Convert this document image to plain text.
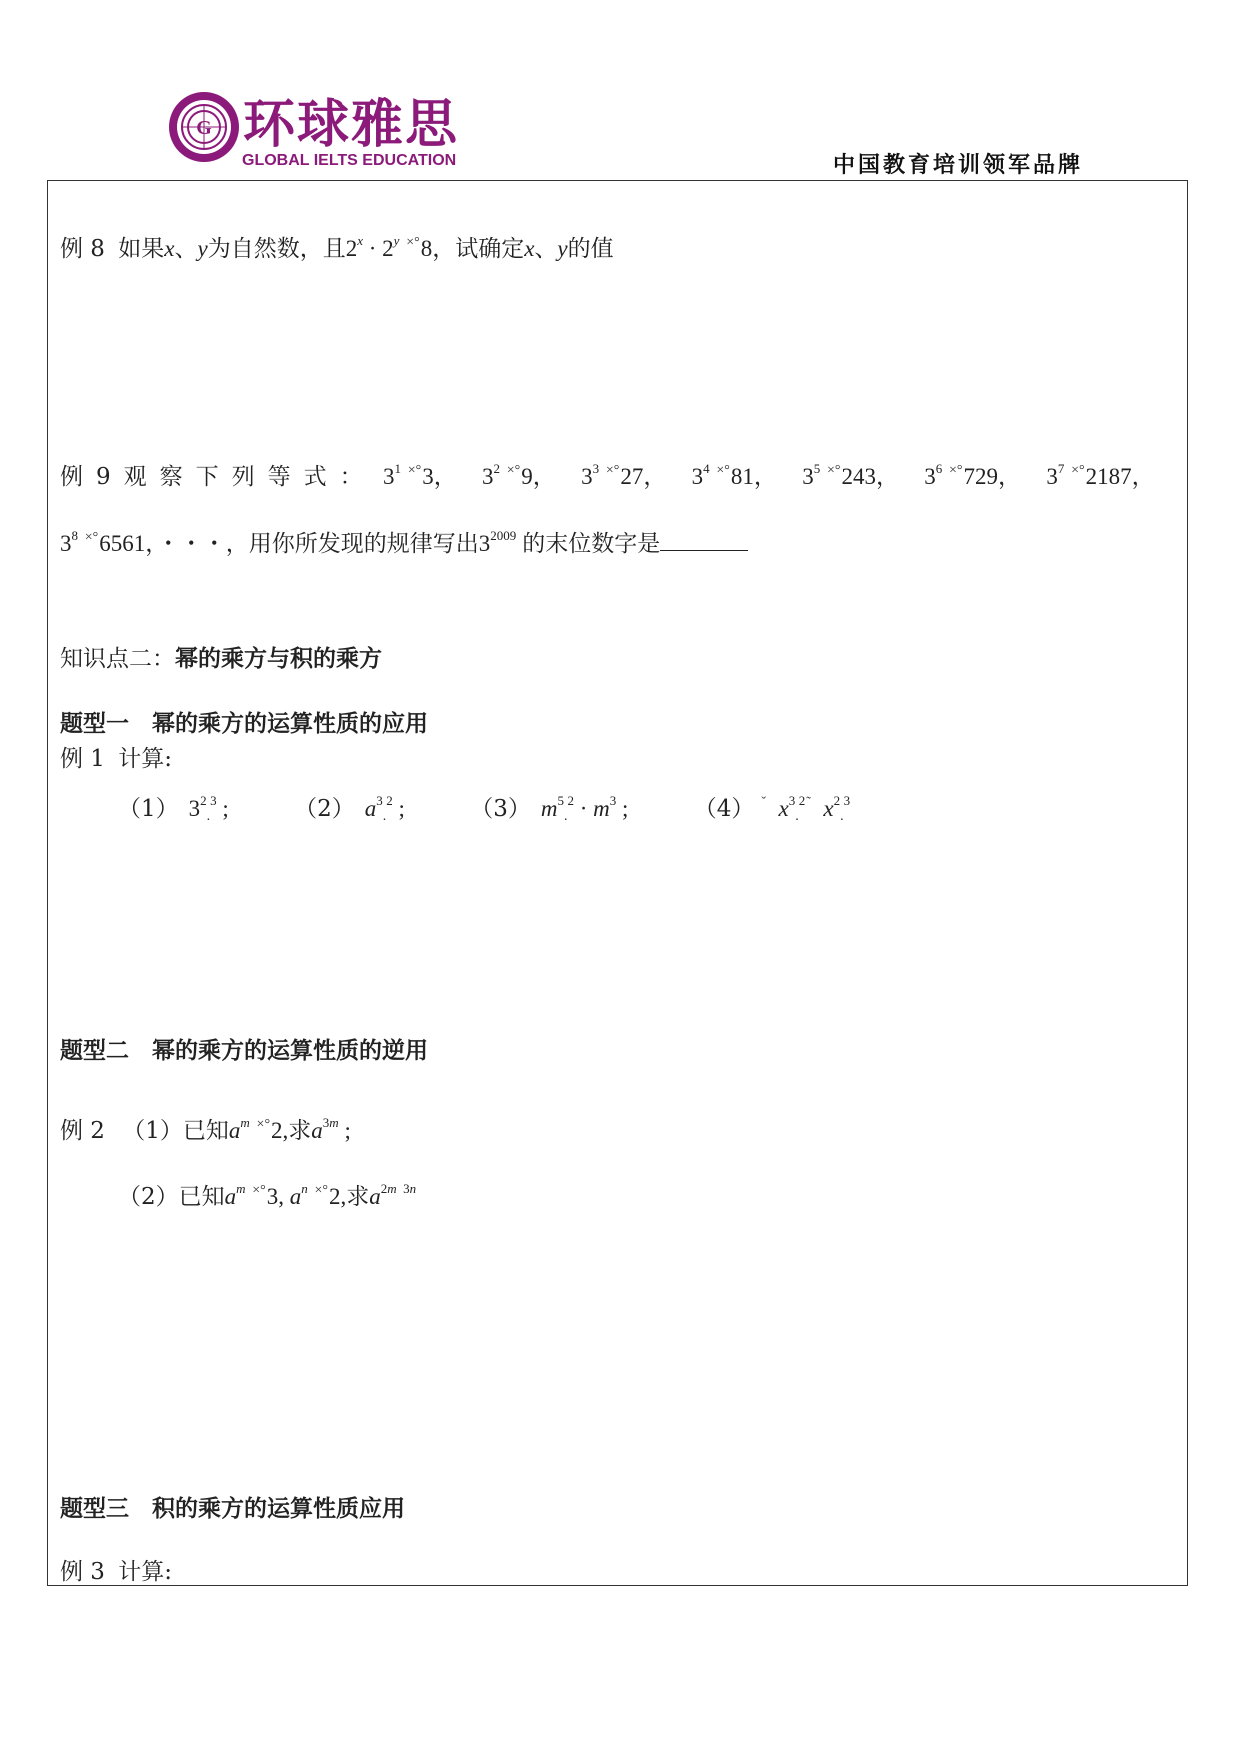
G 环球雅思
GLOBAL IELTS EDUCATION	中国教育培训领军品牌
例 8 如果x、y为自然数，且$2^x \cdot 2^y$ ×°8，试确定x、y的值
例 9 观 察 下 列 等 式 ： $3^1$ ×°3， $3^2$ ×°9， $3^3$ ×°27， $3^4$ ×°81， $3^5$ ×°243， $3^6$ ×°729， $3^7$ ×°2187，
$3^8$ ×°6561，・・・，用你所发现的规律写出$3^{2009}$ 的末位数字是
知识点二：幂的乘方与积的乘方
题型一　幂的乘方的运算性质的应用
例 1 计算:
（1） $3^2.^3$ ;	（2） $a^3.^2$ ;	（3） $m^5.^2 \cdot m^3$ ;	（4） $^ˇ$ $x^3.^{2˜}$ $x^2.^3$
题型二　幂的乘方的运算性质的逆用
例 2 （1）已知$a^m$ ×°2,求$a^{3m}$ ;
（2）已知$a^m$ ×°3, $a^n$ ×°2,求$a^{2m 3n}$
题型三　积的乘方的运算性质应用
例 3 计算:
